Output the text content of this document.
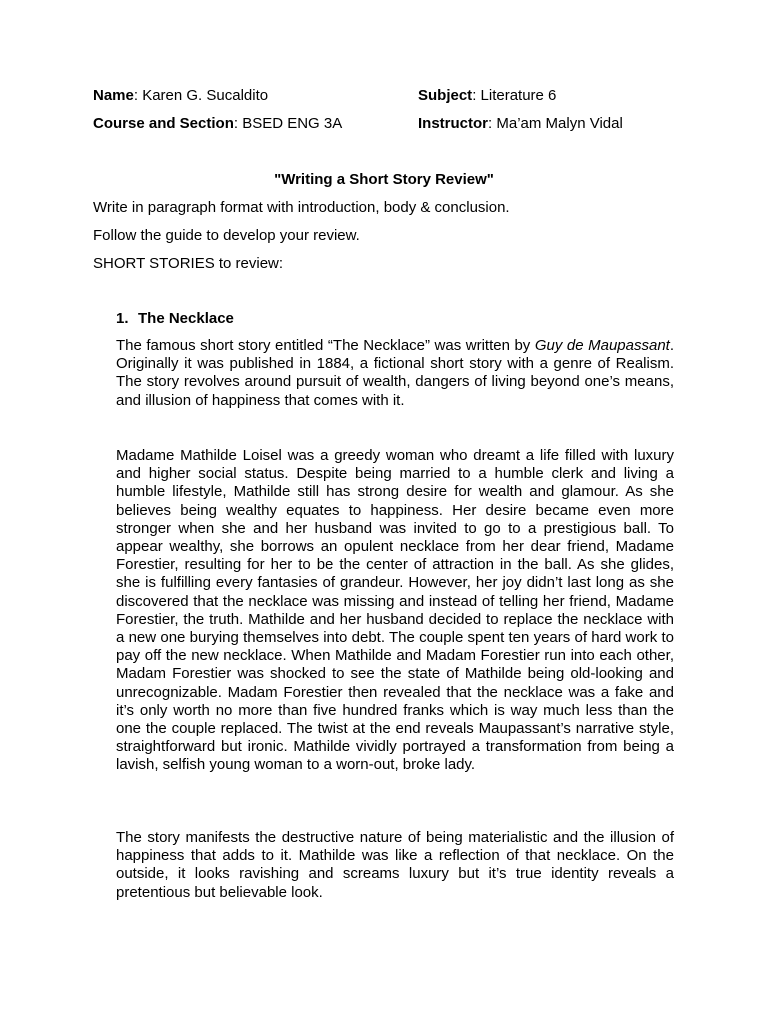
Name: Karen G. Sucaldito	Subject: Literature 6
Course and Section: BSED ENG 3A	Instructor: Ma’am Malyn Vidal
"Writing a Short Story Review"
Write in paragraph format with introduction, body & conclusion.
Follow the guide to develop your review.
SHORT STORIES to review:
1. The Necklace

The famous short story entitled “The Necklace” was written by Guy de Maupassant. Originally it was published in 1884, a fictional short story with a genre of Realism. The story revolves around pursuit of wealth, dangers of living beyond one’s means, and illusion of happiness that comes with it.

Madame Mathilde Loisel was a greedy woman who dreamt a life filled with luxury and higher social status. Despite being married to a humble clerk and living a humble lifestyle, Mathilde still has strong desire for wealth and glamour. As she believes being wealthy equates to happiness. Her desire became even more stronger when she and her husband was invited to go to a prestigious ball. To appear wealthy, she borrows an opulent necklace from her dear friend, Madame Forestier, resulting for her to be the center of attraction in the ball. As she glides, she is fulfilling every fantasies of grandeur. However, her joy didn’t last long as she discovered that the necklace was missing and instead of telling her friend, Madame Forestier, the truth. Mathilde and her husband decided to replace the necklace with a new one burying themselves into debt. The couple spent ten years of hard work to pay off the new necklace. When Mathilde and Madam Forestier run into each other, Madam Forestier was shocked to see the state of Mathilde being old-looking and unrecognizable. Madam Forestier then revealed that the necklace was a fake and it’s only worth no more than five hundred franks which is way much less than the one the couple replaced. The twist at the end reveals Maupassant’s narrative style, straightforward but ironic. Mathilde vividly portrayed a transformation from being a lavish, selfish young woman to a worn-out, broke lady.

The story manifests the destructive nature of being materialistic and the illusion of happiness that adds to it. Mathilde was like a reflection of that necklace. On the outside, it looks ravishing and screams luxury but it’s true identity reveals a pretentious but believable look.
